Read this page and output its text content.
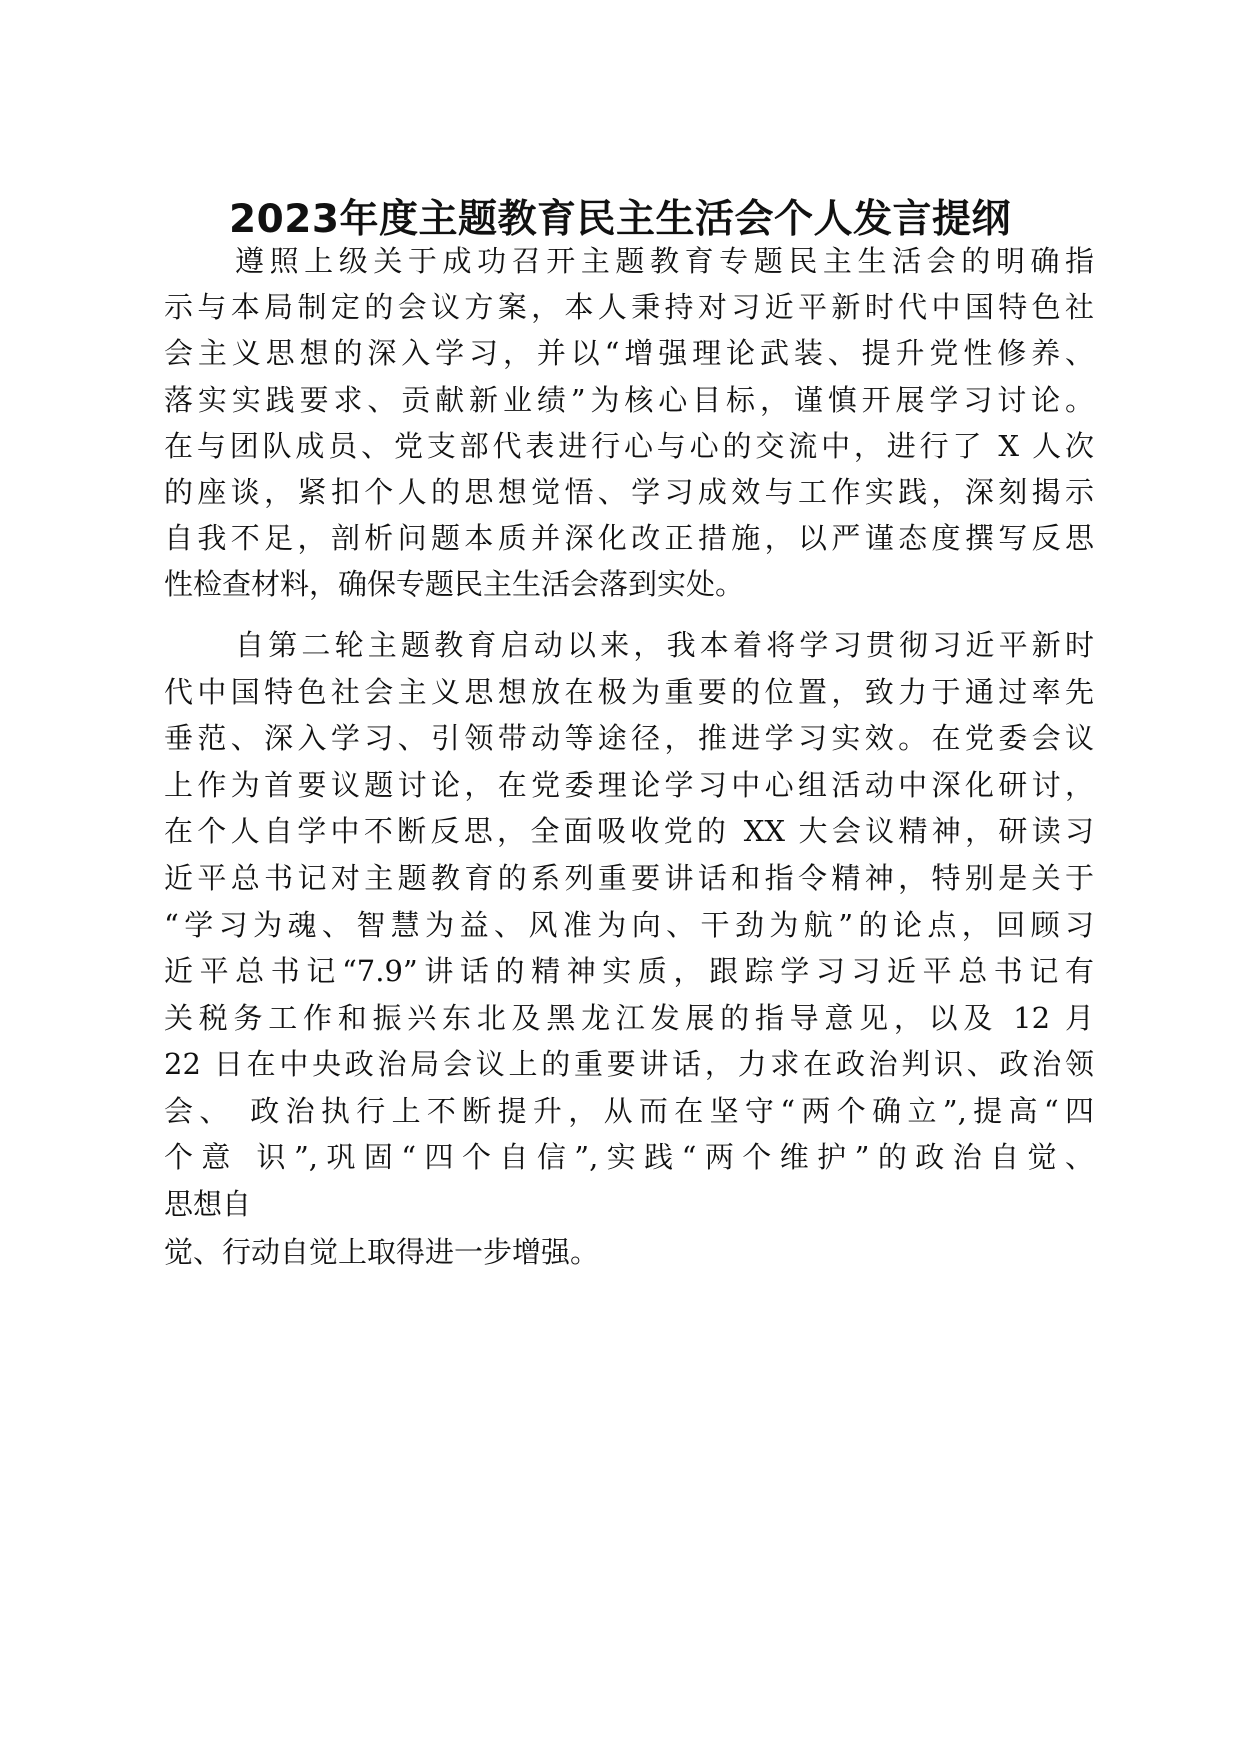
2023年度主题教育民主生活会个人发言提纲
遵照上级关于成功召开主题教育专题民主生活会的明确指
示与本局制定的会议方案，本人秉持对习近平新时代中国特色社
会主义思想的深入学习，并以“增强理论武装、提升党性修养、
落实实践要求、贡献新业绩”为核心目标，谨慎开展学习讨论。
在与团队成员、党支部代表进行心与心的交流中，进行了 X 人次
的座谈，紧扣个人的思想觉悟、学习成效与工作实践，深刻揭示
自我不足，剖析问题本质并深化改正措施，以严谨态度撰写反思
性检查材料，确保专题民主生活会落到实处。
自第二轮主题教育启动以来，我本着将学习贯彻习近平新时
代中国特色社会主义思想放在极为重要的位置，致力于通过率先
垂范、深入学习、引领带动等途径，推进学习实效。在党委会议
上作为首要议题讨论，在党委理论学习中心组活动中深化研讨，
在个人自学中不断反思，全面吸收党的 XX 大会议精神，研读习
近平总书记对主题教育的系列重要讲话和指令精神，特别是关于
“学习为魂、智慧为益、风准为向、干劲为航”的论点，回顾习
近平总书记“7.9”讲话的精神实质，跟踪学习习近平总书记有
关税务工作和振兴东北及黑龙江发展的指导意见，以及 12 月
22 日在中央政治局会议上的重要讲话，力求在政治判识、政治领
会、 政治执行上不断提升，从而在坚守“两个确立”,提高“四
个意 识”,巩固“四个自信”,实践“两个维护”的政治自觉、
思想自
觉、行动自觉上取得进一步增强。
